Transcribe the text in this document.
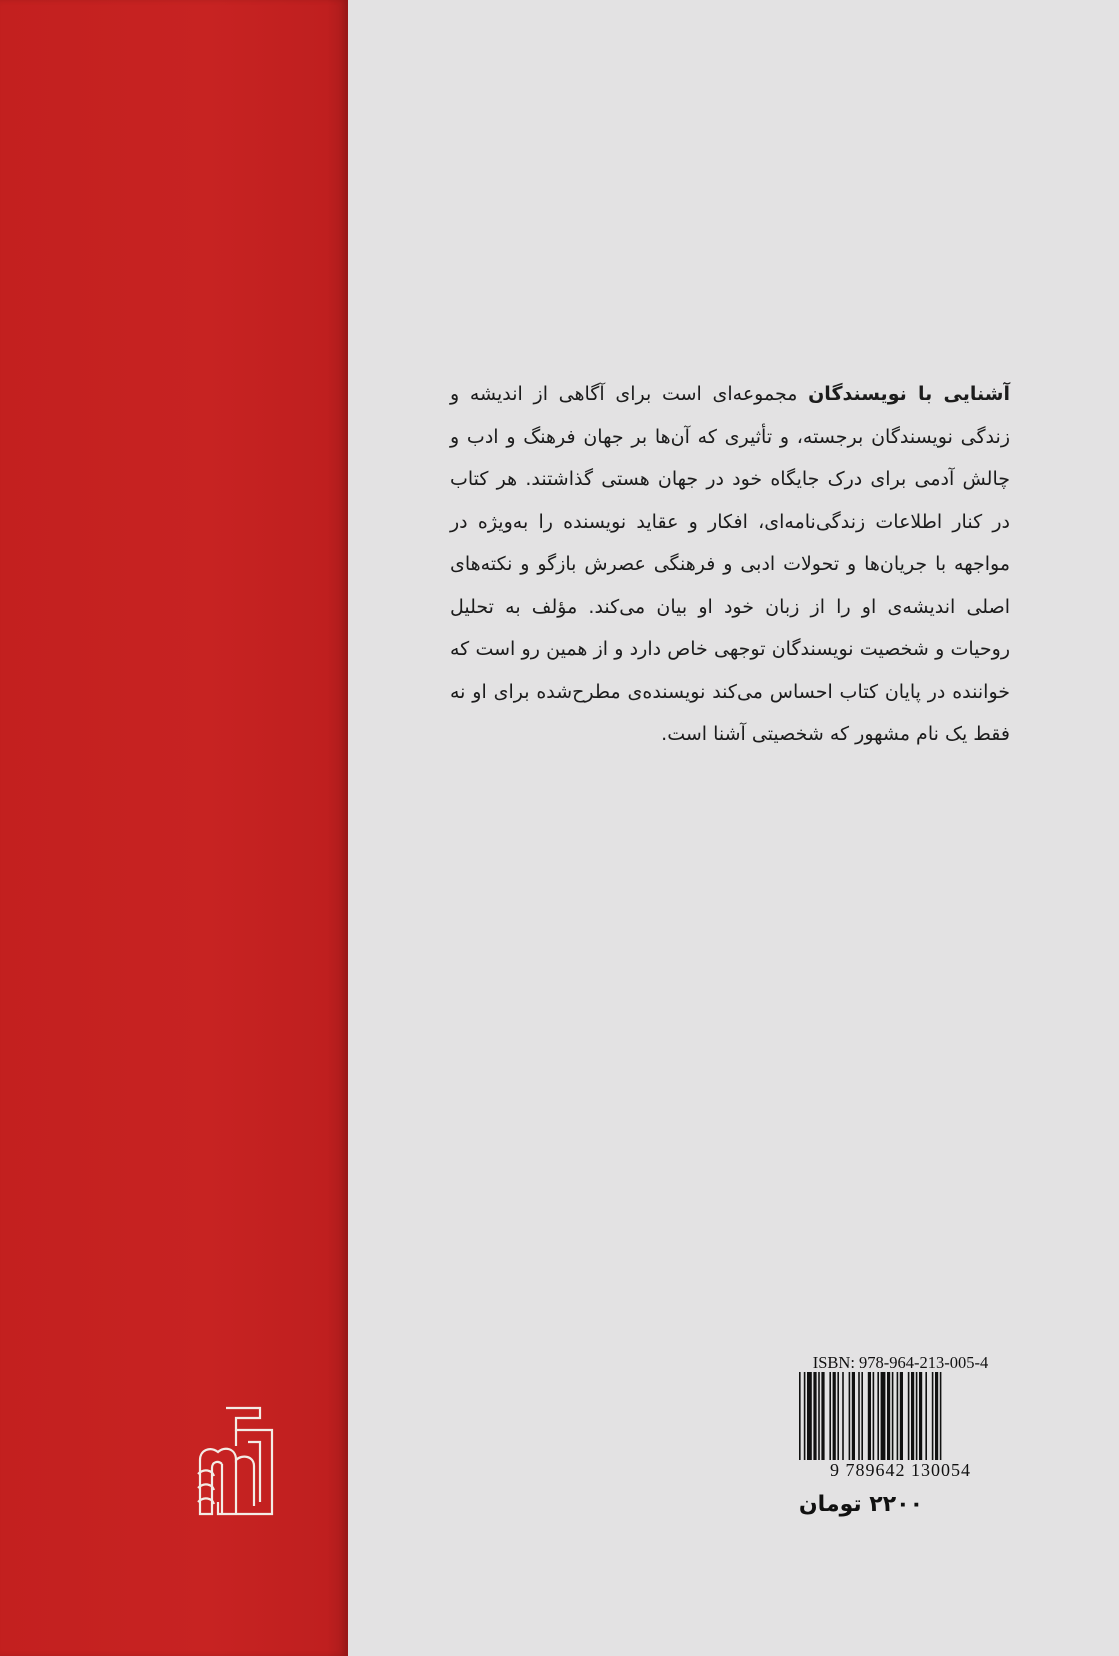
آشنایی با نویسندگان مجموعه‌ای است برای آگاهی از اندیشه و زندگی نویسندگان برجسته، و تأثیری که آن‌ها بر جهان فرهنگ و ادب و چالش آدمی برای درک جایگاه خود در جهان هستی گذاشتند. هر کتاب در کنار اطلاعات زندگی‌نامه‌ای، افکار و عقاید نویسنده را به‌ویژه در مواجهه با جریان‌ها و تحولات ادبی و فرهنگی عصرش بازگو و نکته‌های اصلی اندیشه‌ی او را از زبان خود او بیان می‌کند. مؤلف به تحلیل روحیات و شخصیت نویسندگان توجهی خاص دارد و از همین رو است که خواننده در پایان کتاب احساس می‌کند نویسنده‌ی مطرح‌شده برای او نه فقط یک نام مشهور که شخصیتی آشنا است.
ISBN: 978-964-213-005-4
9 789642 130054
۲۲۰۰ تومان
